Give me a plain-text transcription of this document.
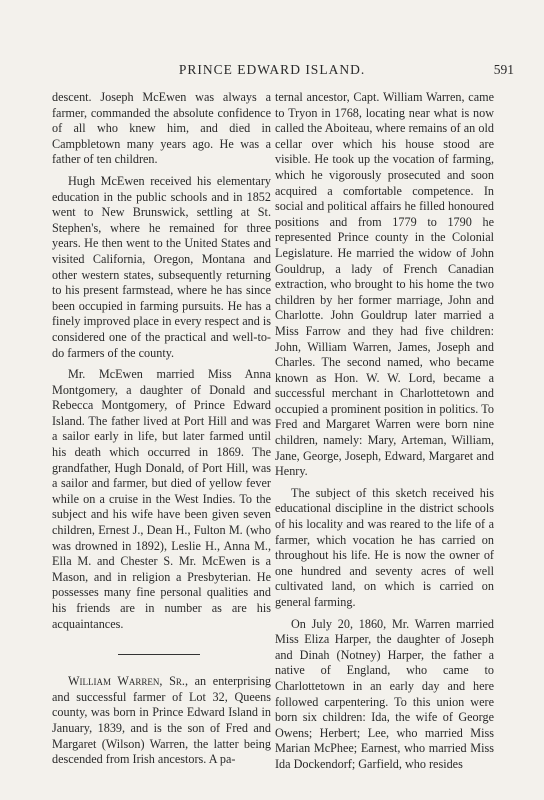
PRINCE EDWARD ISLAND.	591

descent. Joseph McEwen was always a farmer, commanded the absolute confidence of all who knew him, and died in Campbletown many years ago. He was a father of ten children.

Hugh McEwen received his elementary education in the public schools and in 1852 went to New Brunswick, settling at St. Stephen's, where he remained for three years. He then went to the United States and visited California, Oregon, Montana and other western states, subsequently returning to his present farmstead, where he has since been occupied in farming pursuits. He has a finely improved place in every respect and is considered one of the practical and well-to-do farmers of the county.

Mr. McEwen married Miss Anna Montgomery, a daughter of Donald and Rebecca Montgomery, of Prince Edward Island. The father lived at Port Hill and was a sailor early in life, but later farmed until his death which occurred in 1869. The grandfather, Hugh Donald, of Port Hill, was a sailor and farmer, but died of yellow fever while on a cruise in the West Indies. To the subject and his wife have been given seven children, Ernest J., Dean H., Fulton M. (who was drowned in 1892), Leslie H., Anna M., Ella M. and Chester S. Mr. McEwen is a Mason, and in religion a Presbyterian. He possesses many fine personal qualities and his friends are in number as are his acquaintances.

William Warren, Sr., an enterprising and successful farmer of Lot 32, Queens county, was born in Prince Edward Island in January, 1839, and is the son of Fred and Margaret (Wilson) Warren, the latter being descended from Irish ancestors. A pa-

ternal ancestor, Capt. William Warren, came to Tryon in 1768, locating near what is now called the Aboiteau, where remains of an old cellar over which his house stood are visible. He took up the vocation of farming, which he vigorously prosecuted and soon acquired a comfortable competence. In social and political affairs he filled honoured positions and from 1779 to 1790 he represented Prince county in the Colonial Legislature. He married the widow of John Gouldrup, a lady of French Canadian extraction, who brought to his home the two children by her former marriage, John and Charlotte. John Gouldrup later married a Miss Farrow and they had five children: John, William Warren, James, Joseph and Charles. The second named, who became known as Hon. W. W. Lord, became a successful merchant in Charlottetown and occupied a prominent position in politics. To Fred and Margaret Warren were born nine children, namely: Mary, Arteman, William, Jane, George, Joseph, Edward, Margaret and Henry.

The subject of this sketch received his educational discipline in the district schools of his locality and was reared to the life of a farmer, which vocation he has carried on throughout his life. He is now the owner of one hundred and seventy acres of well cultivated land, on which is carried on general farming.

On July 20, 1860, Mr. Warren married Miss Eliza Harper, the daughter of Joseph and Dinah (Notney) Harper, the father a native of England, who came to Charlottetown in an early day and here followed carpentering. To this union were born six children: Ida, the wife of George Owens; Herbert; Lee, who married Miss Marian McPhee; Earnest, who married Miss Ida Dockendorf; Garfield, who resides
